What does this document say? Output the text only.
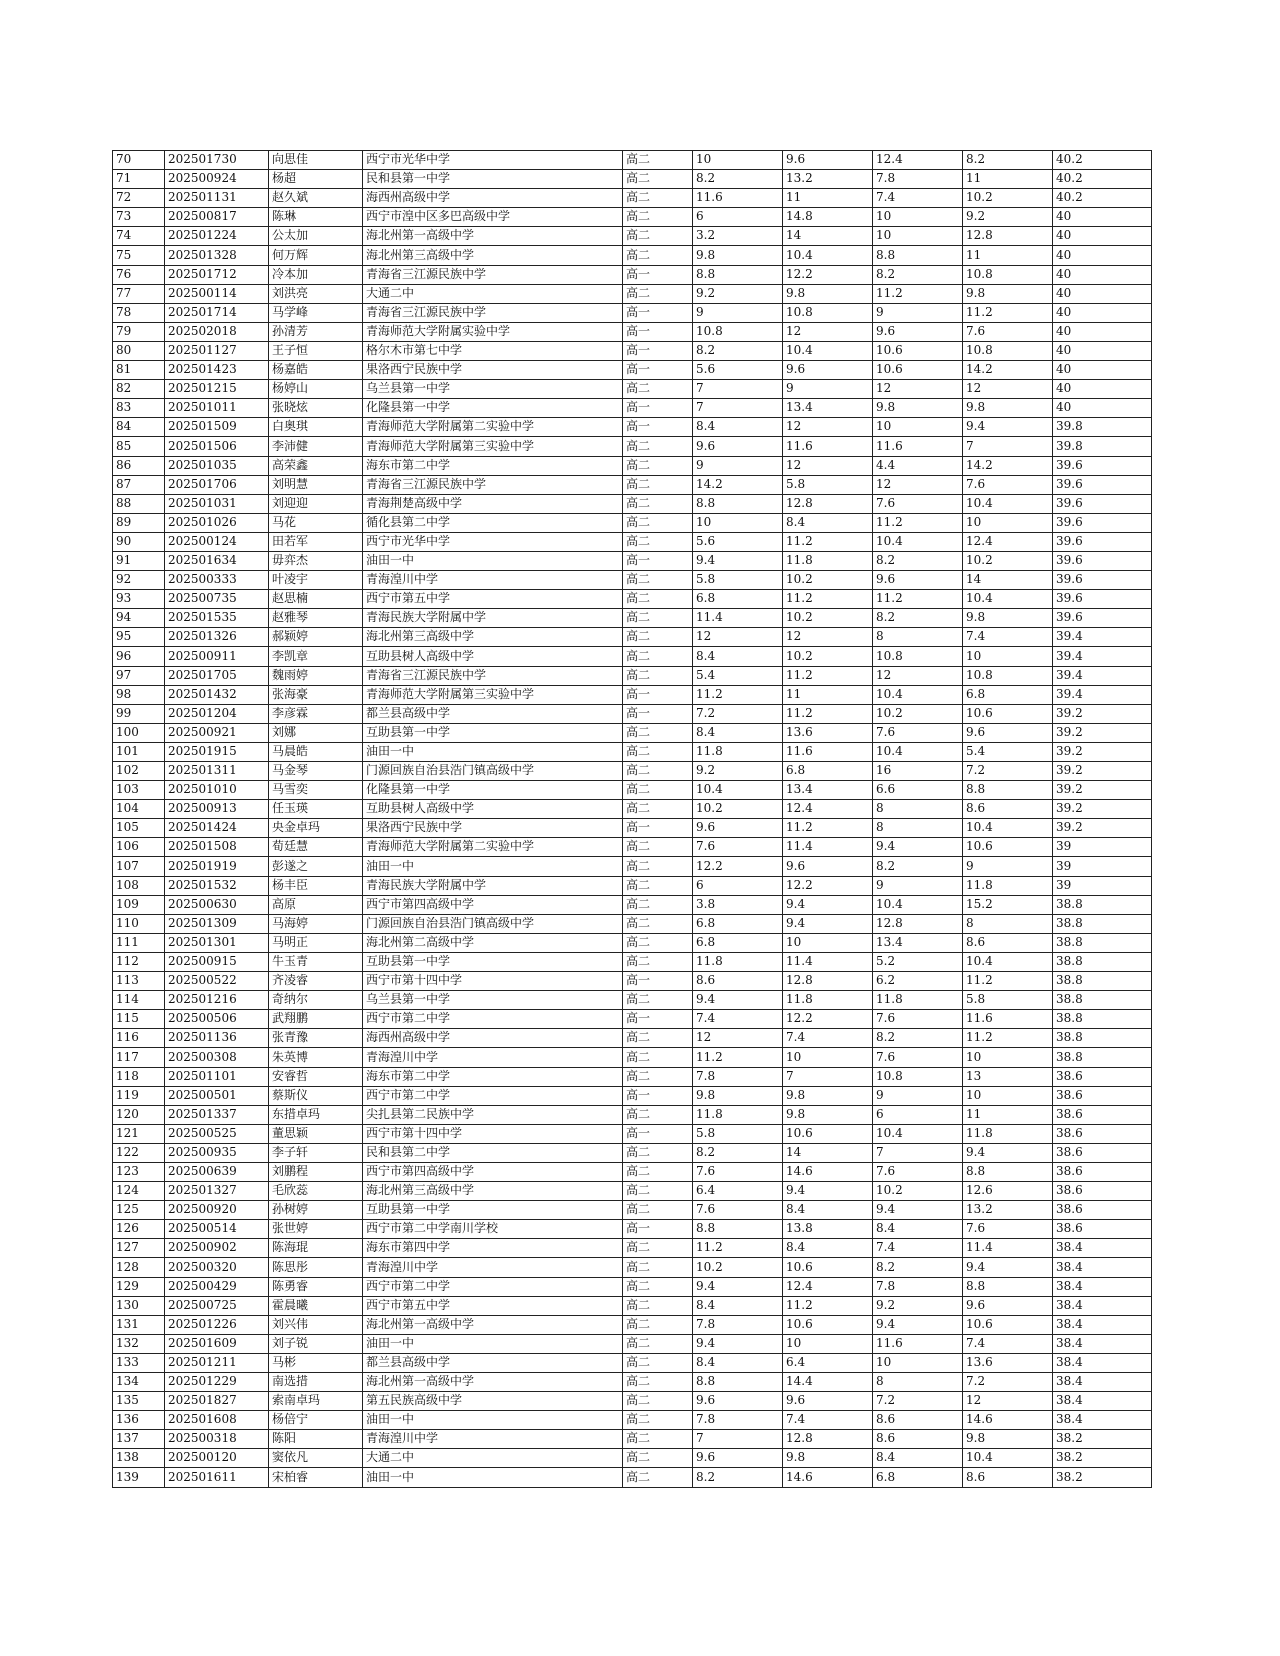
70	202501730	向思佳	西宁市光华中学	高二	10	9.6	12.4	8.2	40.2
71	202500924	杨超	民和县第一中学	高二	8.2	13.2	7.8	11	40.2
72	202501131	赵久斌	海西州高级中学	高二	11.6	11	7.4	10.2	40.2
73	202500817	陈琳	西宁市湟中区多巴高级中学	高二	6	14.8	10	9.2	40
74	202501224	公太加	海北州第一高级中学	高二	3.2	14	10	12.8	40
75	202501328	何万辉	海北州第三高级中学	高二	9.8	10.4	8.8	11	40
76	202501712	冷本加	青海省三江源民族中学	高一	8.8	12.2	8.2	10.8	40
77	202500114	刘洪亮	大通二中	高二	9.2	9.8	11.2	9.8	40
78	202501714	马学峰	青海省三江源民族中学	高一	9	10.8	9	11.2	40
79	202502018	孙清芳	青海师范大学附属实验中学	高一	10.8	12	9.6	7.6	40
80	202501127	王子恒	格尔木市第七中学	高一	8.2	10.4	10.6	10.8	40
81	202501423	杨嘉皓	果洛西宁民族中学	高一	5.6	9.6	10.6	14.2	40
82	202501215	杨婷山	乌兰县第一中学	高二	7	9	12	12	40
83	202501011	张晓炫	化隆县第一中学	高一	7	13.4	9.8	9.8	40
84	202501509	白奥琪	青海师范大学附属第二实验中学	高一	8.4	12	10	9.4	39.8
85	202501506	李沛健	青海师范大学附属第三实验中学	高二	9.6	11.6	11.6	7	39.8
86	202501035	高荣鑫	海东市第二中学	高二	9	12	4.4	14.2	39.6
87	202501706	刘明慧	青海省三江源民族中学	高二	14.2	5.8	12	7.6	39.6
88	202501031	刘迎迎	青海荆楚高级中学	高二	8.8	12.8	7.6	10.4	39.6
89	202501026	马花	循化县第二中学	高二	10	8.4	11.2	10	39.6
90	202500124	田若军	西宁市光华中学	高二	5.6	11.2	10.4	12.4	39.6
91	202501634	毋弈杰	油田一中	高一	9.4	11.8	8.2	10.2	39.6
92	202500333	叶凌宇	青海湟川中学	高二	5.8	10.2	9.6	14	39.6
93	202500735	赵思楠	西宁市第五中学	高二	6.8	11.2	11.2	10.4	39.6
94	202501535	赵雅琴	青海民族大学附属中学	高二	11.4	10.2	8.2	9.8	39.6
95	202501326	郝颖婷	海北州第三高级中学	高二	12	12	8	7.4	39.4
96	202500911	李凯章	互助县树人高级中学	高二	8.4	10.2	10.8	10	39.4
97	202501705	魏雨婷	青海省三江源民族中学	高二	5.4	11.2	12	10.8	39.4
98	202501432	张海豪	青海师范大学附属第三实验中学	高一	11.2	11	10.4	6.8	39.4
99	202501204	李彦霖	都兰县高级中学	高一	7.2	11.2	10.2	10.6	39.2
100	202500921	刘娜	互助县第一中学	高二	8.4	13.6	7.6	9.6	39.2
101	202501915	马晨皓	油田一中	高二	11.8	11.6	10.4	5.4	39.2
102	202501311	马金琴	门源回族自治县浩门镇高级中学	高二	9.2	6.8	16	7.2	39.2
103	202501010	马雪奕	化隆县第一中学	高二	10.4	13.4	6.6	8.8	39.2
104	202500913	任玉瑛	互助县树人高级中学	高二	10.2	12.4	8	8.6	39.2
105	202501424	央金卓玛	果洛西宁民族中学	高一	9.6	11.2	8	10.4	39.2
106	202501508	荀廷慧	青海师范大学附属第二实验中学	高二	7.6	11.4	9.4	10.6	39
107	202501919	彭遂之	油田一中	高二	12.2	9.6	8.2	9	39
108	202501532	杨丰臣	青海民族大学附属中学	高二	6	12.2	9	11.8	39
109	202500630	高原	西宁市第四高级中学	高二	3.8	9.4	10.4	15.2	38.8
110	202501309	马海婷	门源回族自治县浩门镇高级中学	高二	6.8	9.4	12.8	8	38.8
111	202501301	马明正	海北州第二高级中学	高二	6.8	10	13.4	8.6	38.8
112	202500915	牛玉青	互助县第一中学	高二	11.8	11.4	5.2	10.4	38.8
113	202500522	齐凌睿	西宁市第十四中学	高一	8.6	12.8	6.2	11.2	38.8
114	202501216	奇纳尔	乌兰县第一中学	高二	9.4	11.8	11.8	5.8	38.8
115	202500506	武翔鹏	西宁市第二中学	高一	7.4	12.2	7.6	11.6	38.8
116	202501136	张青豫	海西州高级中学	高二	12	7.4	8.2	11.2	38.8
117	202500308	朱英博	青海湟川中学	高二	11.2	10	7.6	10	38.8
118	202501101	安睿哲	海东市第二中学	高二	7.8	7	10.8	13	38.6
119	202500501	蔡斯仪	西宁市第二中学	高一	9.8	9.8	9	10	38.6
120	202501337	东措卓玛	尖扎县第二民族中学	高二	11.8	9.8	6	11	38.6
121	202500525	董思颖	西宁市第十四中学	高一	5.8	10.6	10.4	11.8	38.6
122	202500935	李子轩	民和县第二中学	高二	8.2	14	7	9.4	38.6
123	202500639	刘鹏程	西宁市第四高级中学	高二	7.6	14.6	7.6	8.8	38.6
124	202501327	毛欣蕊	海北州第三高级中学	高二	6.4	9.4	10.2	12.6	38.6
125	202500920	孙树婷	互助县第一中学	高二	7.6	8.4	9.4	13.2	38.6
126	202500514	张世婷	西宁市第二中学南川学校	高一	8.8	13.8	8.4	7.6	38.6
127	202500902	陈海琨	海东市第四中学	高二	11.2	8.4	7.4	11.4	38.4
128	202500320	陈思彤	青海湟川中学	高二	10.2	10.6	8.2	9.4	38.4
129	202500429	陈勇睿	西宁市第二中学	高二	9.4	12.4	7.8	8.8	38.4
130	202500725	霍晨曦	西宁市第五中学	高二	8.4	11.2	9.2	9.6	38.4
131	202501226	刘兴伟	海北州第一高级中学	高二	7.8	10.6	9.4	10.6	38.4
132	202501609	刘子锐	油田一中	高二	9.4	10	11.6	7.4	38.4
133	202501211	马彬	都兰县高级中学	高二	8.4	6.4	10	13.6	38.4
134	202501229	南选措	海北州第一高级中学	高二	8.8	14.4	8	7.2	38.4
135	202501827	索南卓玛	第五民族高级中学	高二	9.6	9.6	7.2	12	38.4
136	202501608	杨倍宁	油田一中	高二	7.8	7.4	8.6	14.6	38.4
137	202500318	陈阳	青海湟川中学	高二	7	12.8	8.6	9.8	38.2
138	202500120	窦依凡	大通二中	高二	9.6	9.8	8.4	10.4	38.2
139	202501611	宋柏睿	油田一中	高二	8.2	14.6	6.8	8.6	38.2
